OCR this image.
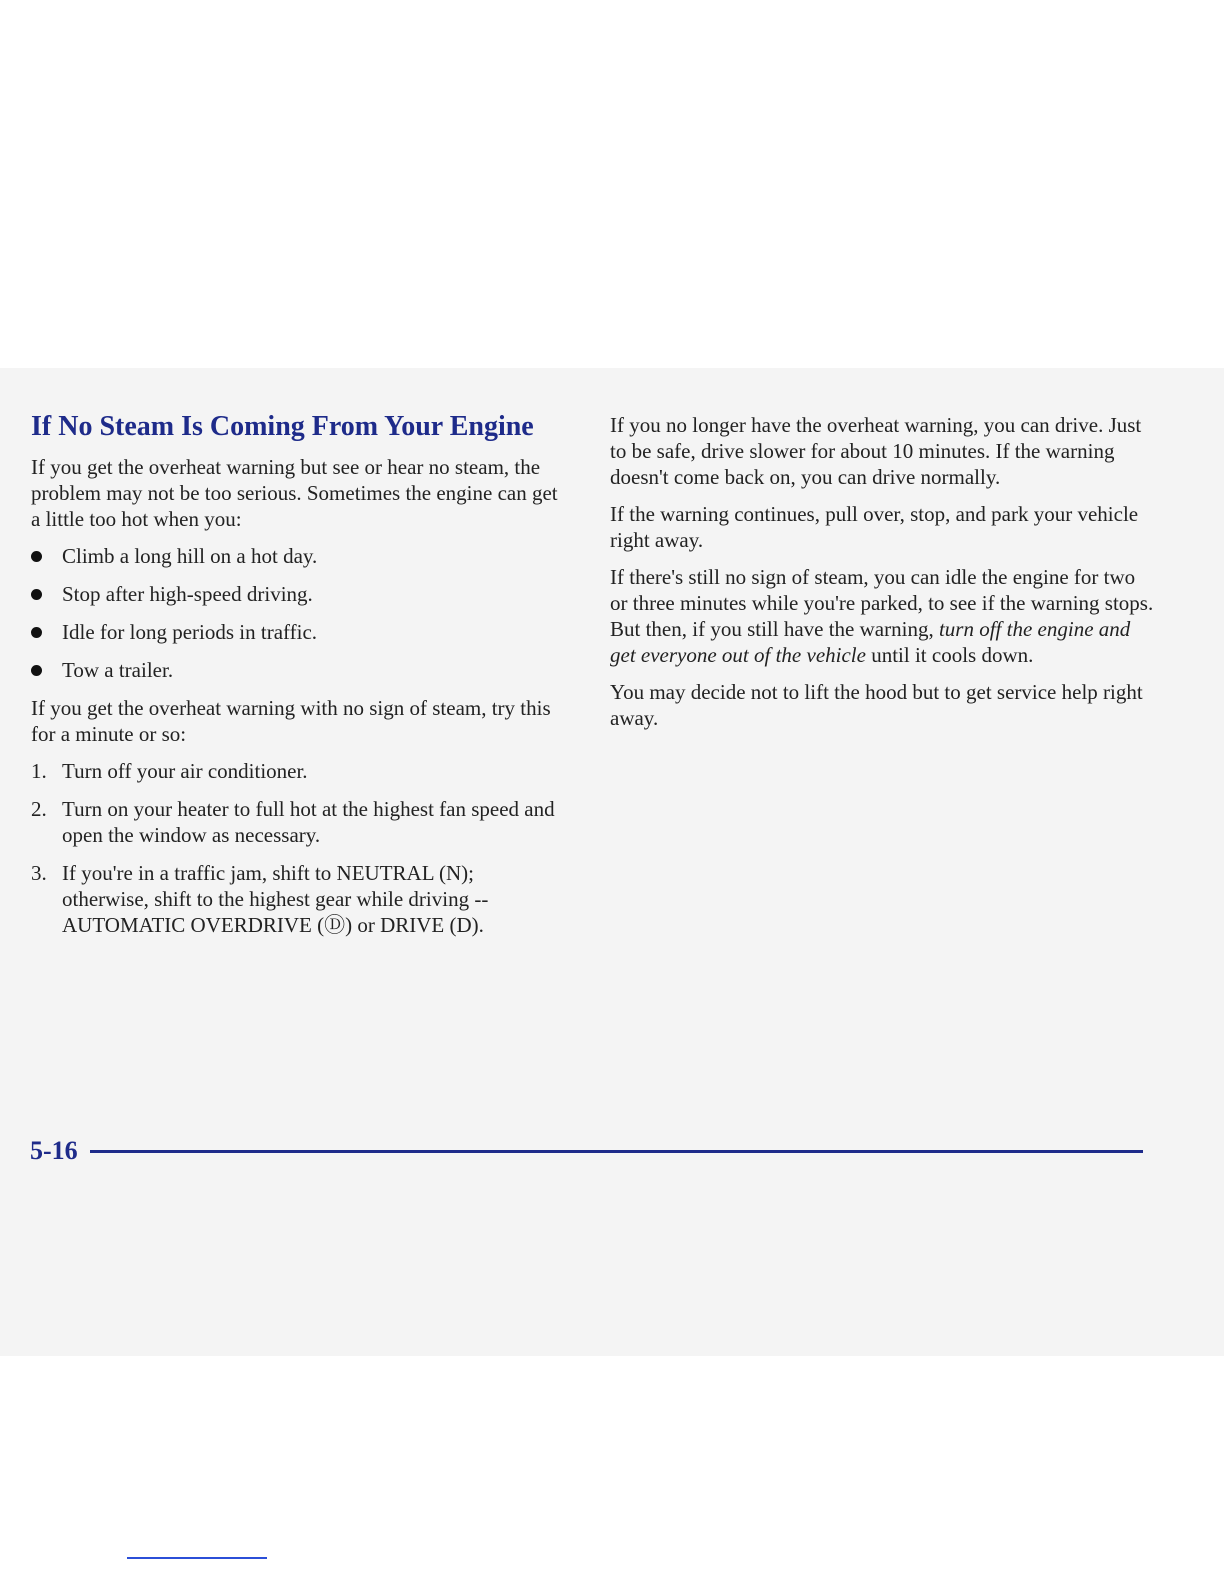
If No Steam Is Coming From Your Engine

If you get the overheat warning but see or hear no steam, the problem may not be too serious. Sometimes the engine can get a little too hot when you:

Climb a long hill on a hot day.
Stop after high-speed driving.
Idle for long periods in traffic.
Tow a trailer.

If you get the overheat warning with no sign of steam, try this for a minute or so:

1. Turn off your air conditioner.
2. Turn on your heater to full hot at the highest fan speed and open the window as necessary.
3. If you're in a traffic jam, shift to NEUTRAL (N); otherwise, shift to the highest gear while driving -- AUTOMATIC OVERDRIVE (Ⓓ) or DRIVE (D).

If you no longer have the overheat warning, you can drive. Just to be safe, drive slower for about 10 minutes. If the warning doesn't come back on, you can drive normally.

If the warning continues, pull over, stop, and park your vehicle right away.

If there's still no sign of steam, you can idle the engine for two or three minutes while you're parked, to see if the warning stops. But then, if you still have the warning, turn off the engine and get everyone out of the vehicle until it cools down.

You may decide not to lift the hood but to get service help right away.

5-16
